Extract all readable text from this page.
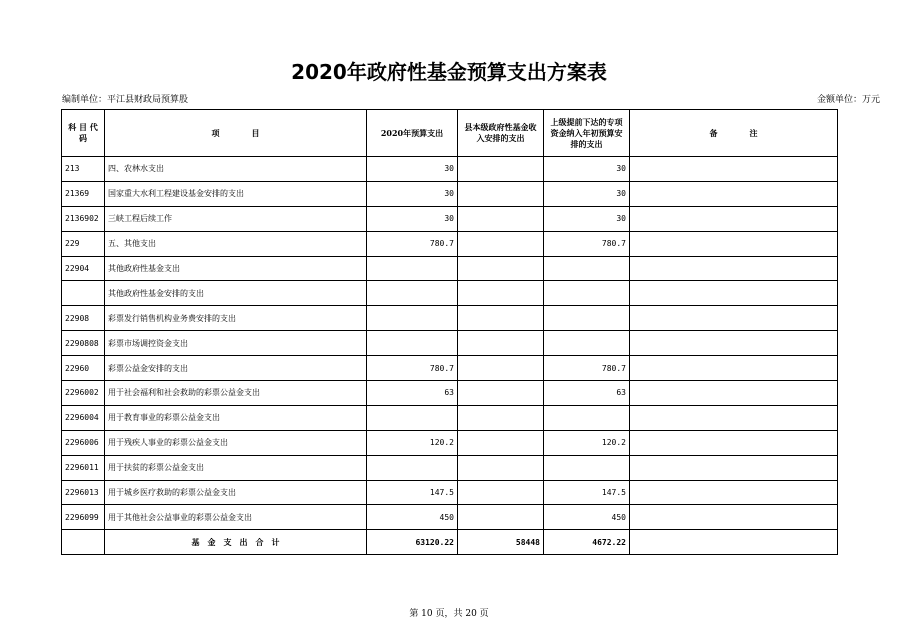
2020年政府性基金预算支出方案表
编制单位：平江县财政局预算股	金额单位：万元
科 目 代 码	项　　　　目	2020年预算支出	县本级政府性基金收入安排的支出	上级提前下达的专项资金纳入年初预算安排的支出	备　　　　注
213	四、农林水支出	30		30	
21369	国家重大水利工程建设基金安排的支出	30		30	
2136902	三峡工程后续工作	30		30	
229	五、其他支出	780.7		780.7	
22904	其他政府性基金支出				
	其他政府性基金安排的支出				
22908	彩票发行销售机构业务费安排的支出				
2290808	彩票市场调控资金支出				
22960	彩票公益金安排的支出	780.7		780.7	
2296002	用于社会福利和社会救助的彩票公益金支出	63		63	
2296004	用于教育事业的彩票公益金支出				
2296006	用于残疾人事业的彩票公益金支出	120.2		120.2	
2296011	用于扶贫的彩票公益金支出				
2296013	用于城乡医疗救助的彩票公益金支出	147.5		147.5	
2296099	用于其他社会公益事业的彩票公益金支出	450		450	
	基　金　支　出　合　计	63120.22	58448	4672.22	
第 10 页，共 20 页
